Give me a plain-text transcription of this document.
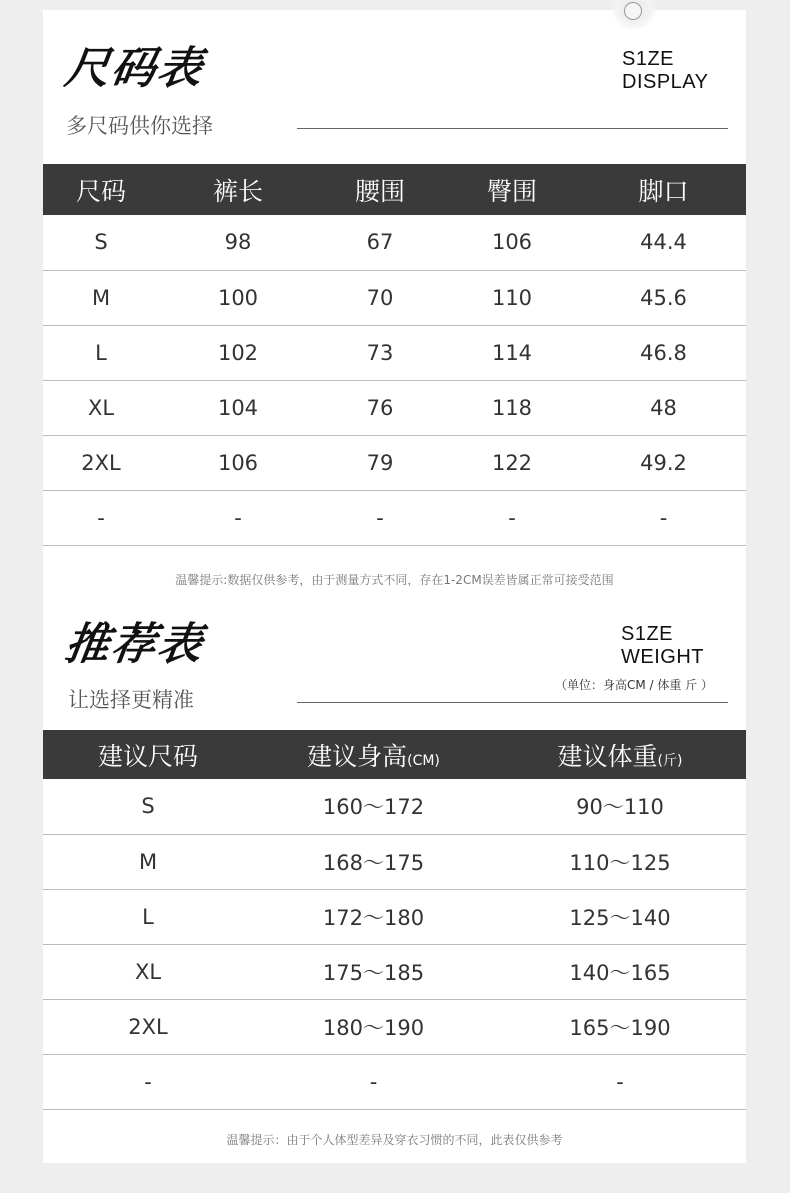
尺码表
多尺码供你选择
S1ZE
DISPLAY
尺码	裤长	腰围	臀围	脚口
S	98	67	106	44.4
M	100	70	110	45.6
L	102	73	114	46.8
XL	104	76	118	48
2XL	106	79	122	49.2
-	-	-	-	-
温馨提示:数据仅供参考，由于测量方式不同，存在1-2CM误差皆属正常可接受范围
推荐表
让选择更精准
S1ZE
WEIGHT
（单位：身高CM / 体重 斤 ）
建议尺码	建议身高(CM)	建议体重(斤)
S	160～172	90～110
M	168～175	110～125
L	172～180	125～140
XL	175～185	140～165
2XL	180～190	165～190
-	-	-
温馨提示：由于个人体型差异及穿衣习惯的不同，此表仅供参考
